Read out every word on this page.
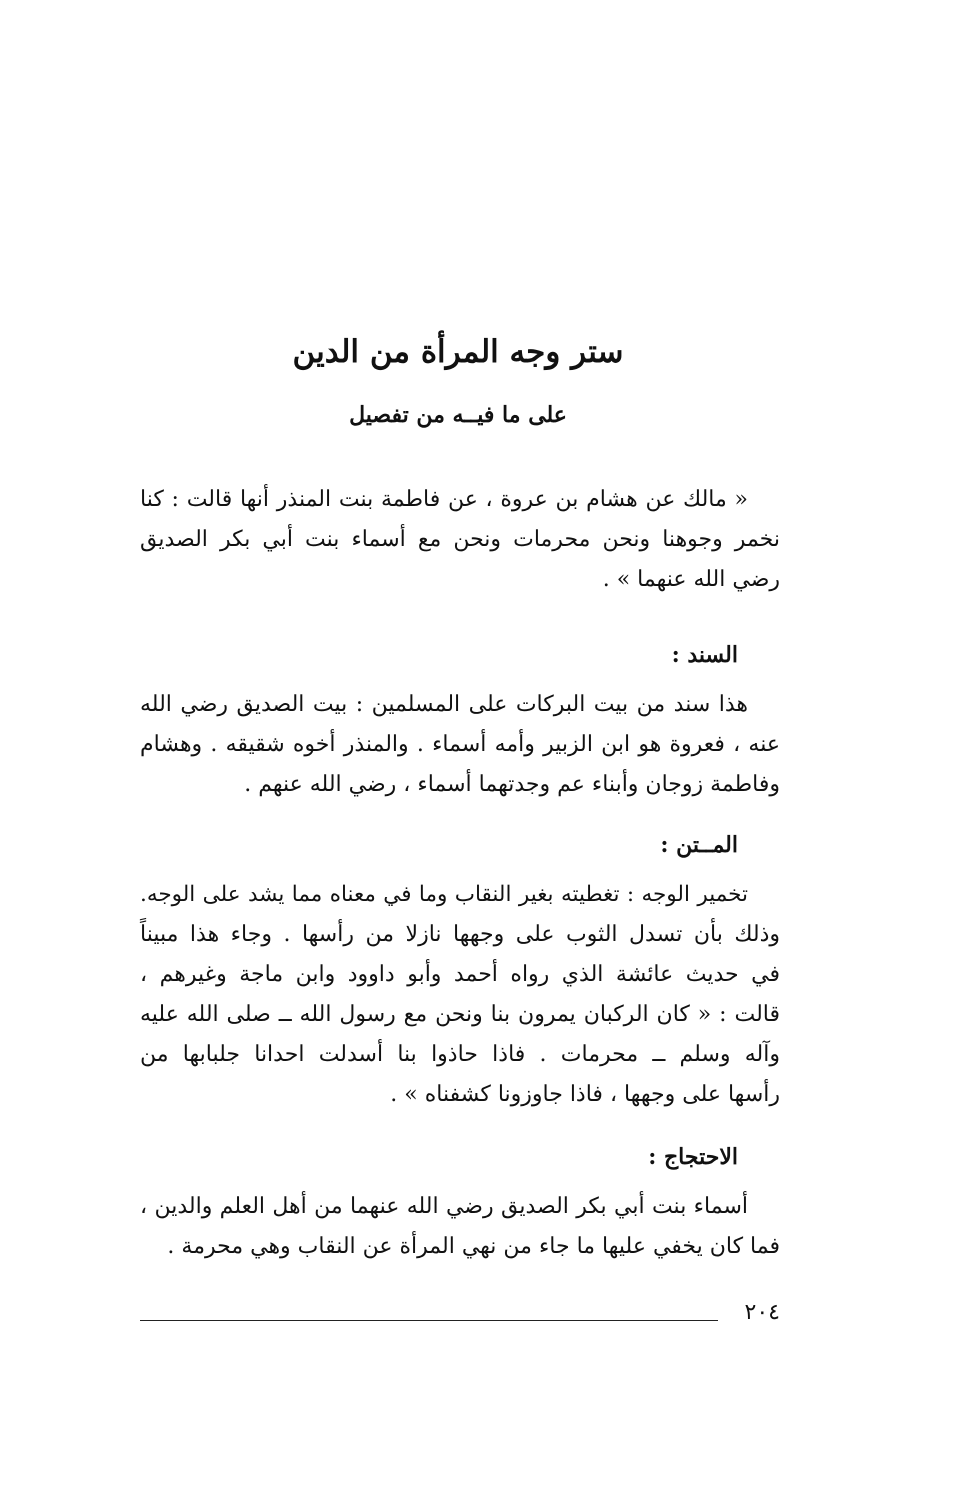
ستر وجه المرأة من الدين
على ما فيــه من تفصيل
« مالك عن هشام بن عروة ، عن فاطمة بنت المنذر أنها قالت : كنا
نخمر وجوهنا ونحن محرمات ونحن مع أسماء بنت أبي بكر الصديق
رضي الله عنهما » .
السند :
هذا سند من بيت البركات على المسلمين : بيت الصديق رضي الله
عنه ، فعروة هو ابن الزبير وأمه أسماء . والمنذر أخوه شقيقه . وهشام
وفاطمة زوجان وأبناء عم وجدتهما أسماء ، رضي الله عنهم .
المــتن :
تخمير الوجه : تغطيته بغير النقاب وما في معناه مما يشد على الوجه.
وذلك بأن تسدل الثوب على وجهها نازلا من رأسها . وجاء هذا مبيناً
في حديث عائشة الذي رواه أحمد وأبو داوود وابن ماجة وغيرهم ،
قالت : « كان الركبان يمرون بنا ونحن مع رسول الله ــ صلى الله عليه
وآله وسلم ــ محرمات . فاذا حاذوا بنا أسدلت احدانا جلبابها من
رأسها على وجهها ، فاذا جاوزونا كشفناه » .
الاحتجاج :
أسماء بنت أبي بكر الصديق رضي الله عنهما من أهل العلم والدين ،
فما كان يخفي عليها ما جاء من نهي المرأة عن النقاب وهي محرمة .
٢٠٤
